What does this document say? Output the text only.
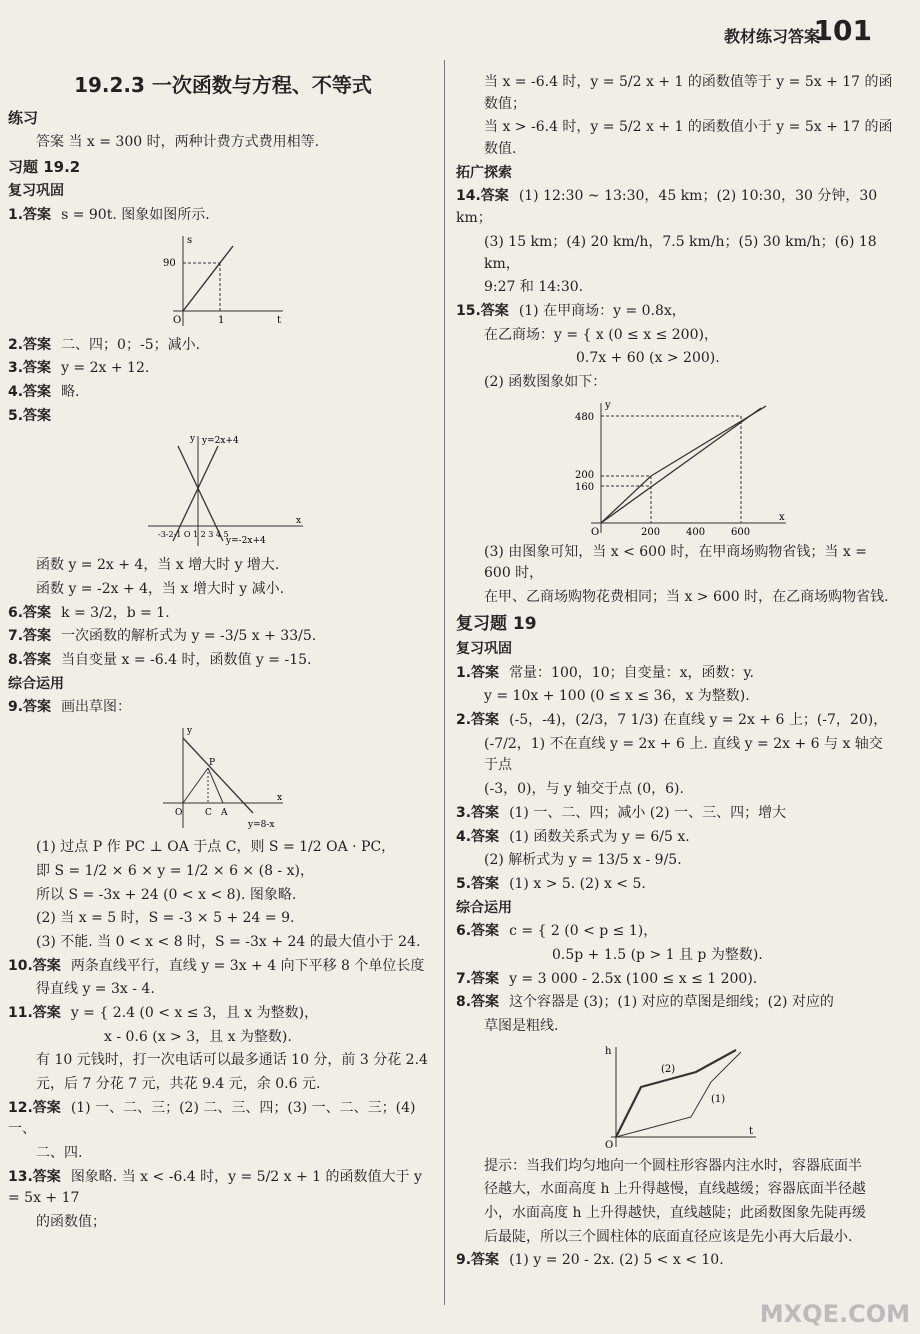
教材练习答案
101
19.2.3 一次函数与方程、不等式
练习
答案 当 x = 300 时，两种计费方式费用相等.
习题 19.2
复习巩固
1.答案 s = 90t. 图象如图所示.
90
O	1	t
s
2.答案 二、四；0；-5；减小.
3.答案 y = 2x + 12.
4.答案 略.
5.答案
y=2x+4
y=-2x+4
-3-2-1 O 1 2 3 4 5
x
y
函数 y = 2x + 4，当 x 增大时 y 增大.
函数 y = -2x + 4，当 x 增大时 y 减小.
6.答案 k = 3/2，b = 1.
7.答案 一次函数的解析式为 y = -3/5 x + 33/5.
8.答案 当自变量 x = -6.4 时，函数值 y = -15.
综合运用
9.答案 画出草图：
P
O	C A
y=8-x
x
y
(1) 过点 P 作 PC ⊥ OA 于点 C，则 S = 1/2 OA · PC，
即 S = 1/2 × 6 × y = 1/2 × 6 × (8 - x)，
所以 S = -3x + 24 (0 < x < 8). 图象略.
(2) 当 x = 5 时，S = -3 × 5 + 24 = 9.
(3) 不能. 当 0 < x < 8 时，S = -3x + 24 的最大值小于 24.
10.答案 两条直线平行，直线 y = 3x + 4 向下平移 8 个单位长度
得直线 y = 3x - 4.
11.答案 y = { 2.4 (0 < x ≤ 3，且 x 为整数)，
x - 0.6 (x > 3，且 x 为整数).
有 10 元钱时，打一次电话可以最多通话 10 分，前 3 分花 2.4
元，后 7 分花 7 元，共花 9.4 元，余 0.6 元.
12.答案 (1) 一、二、三；(2) 二、三、四；(3) 一、二、三；(4) 一、
二、四.
13.答案 图象略. 当 x < -6.4 时，y = 5/2 x + 1 的函数值大于 y = 5x + 17
的函数值；
当 x = -6.4 时，y = 5/2 x + 1 的函数值等于 y = 5x + 17 的函数值；
当 x > -6.4 时，y = 5/2 x + 1 的函数值小于 y = 5x + 17 的函数值.
拓广探索
14.答案 (1) 12:30 ~ 13:30，45 km；(2) 10:30，30 分钟，30 km；
(3) 15 km；(4) 20 km/h，7.5 km/h；(5) 30 km/h；(6) 18 km，
9:27 和 14:30.
15.答案 (1) 在甲商场：y = 0.8x，
在乙商场：y = { x (0 ≤ x ≤ 200)，
0.7x + 60 (x > 200).
(2) 函数图象如下：
480
200
160
200	400	600
O
x
y
(3) 由图象可知，当 x < 600 时，在甲商场购物省钱；当 x = 600 时，
在甲、乙商场购物花费相同；当 x > 600 时，在乙商场购物省钱.
复习题 19
复习巩固
1.答案 常量：100，10；自变量：x，函数：y.
y = 10x + 100 (0 ≤ x ≤ 36，x 为整数).
2.答案 (-5，-4)，(2/3，7 1/3) 在直线 y = 2x + 6 上；(-7，20)，
(-7/2，1) 不在直线 y = 2x + 6 上. 直线 y = 2x + 6 与 x 轴交于点
(-3，0)，与 y 轴交于点 (0，6).
3.答案 (1) 一、二、四；减小 (2) 一、三、四；增大
4.答案 (1) 函数关系式为 y = 6/5 x.
(2) 解析式为 y = 13/5 x - 9/5.
5.答案 (1) x > 5. (2) x < 5.
综合运用
6.答案 c = { 2 (0 < p ≤ 1)，
0.5p + 1.5 (p > 1 且 p 为整数).
7.答案 y = 3 000 - 2.5x (100 ≤ x ≤ 1 200).
8.答案 这个容器是 (3)；(1) 对应的草图是细线；(2) 对应的
草图是粗线.
(2)
(1)
O
t
h
提示：当我们均匀地向一个圆柱形容器内注水时，容器底面半
径越大，水面高度 h 上升得越慢，直线越缓；容器底面半径越
小，水面高度 h 上升得越快，直线越陡；此函数图象先陡再缓
后最陡，所以三个圆柱体的底面直径应该是先小再大后最小.
9.答案 (1) y = 20 - 2x. (2) 5 < x < 10.
MXQE.COM
